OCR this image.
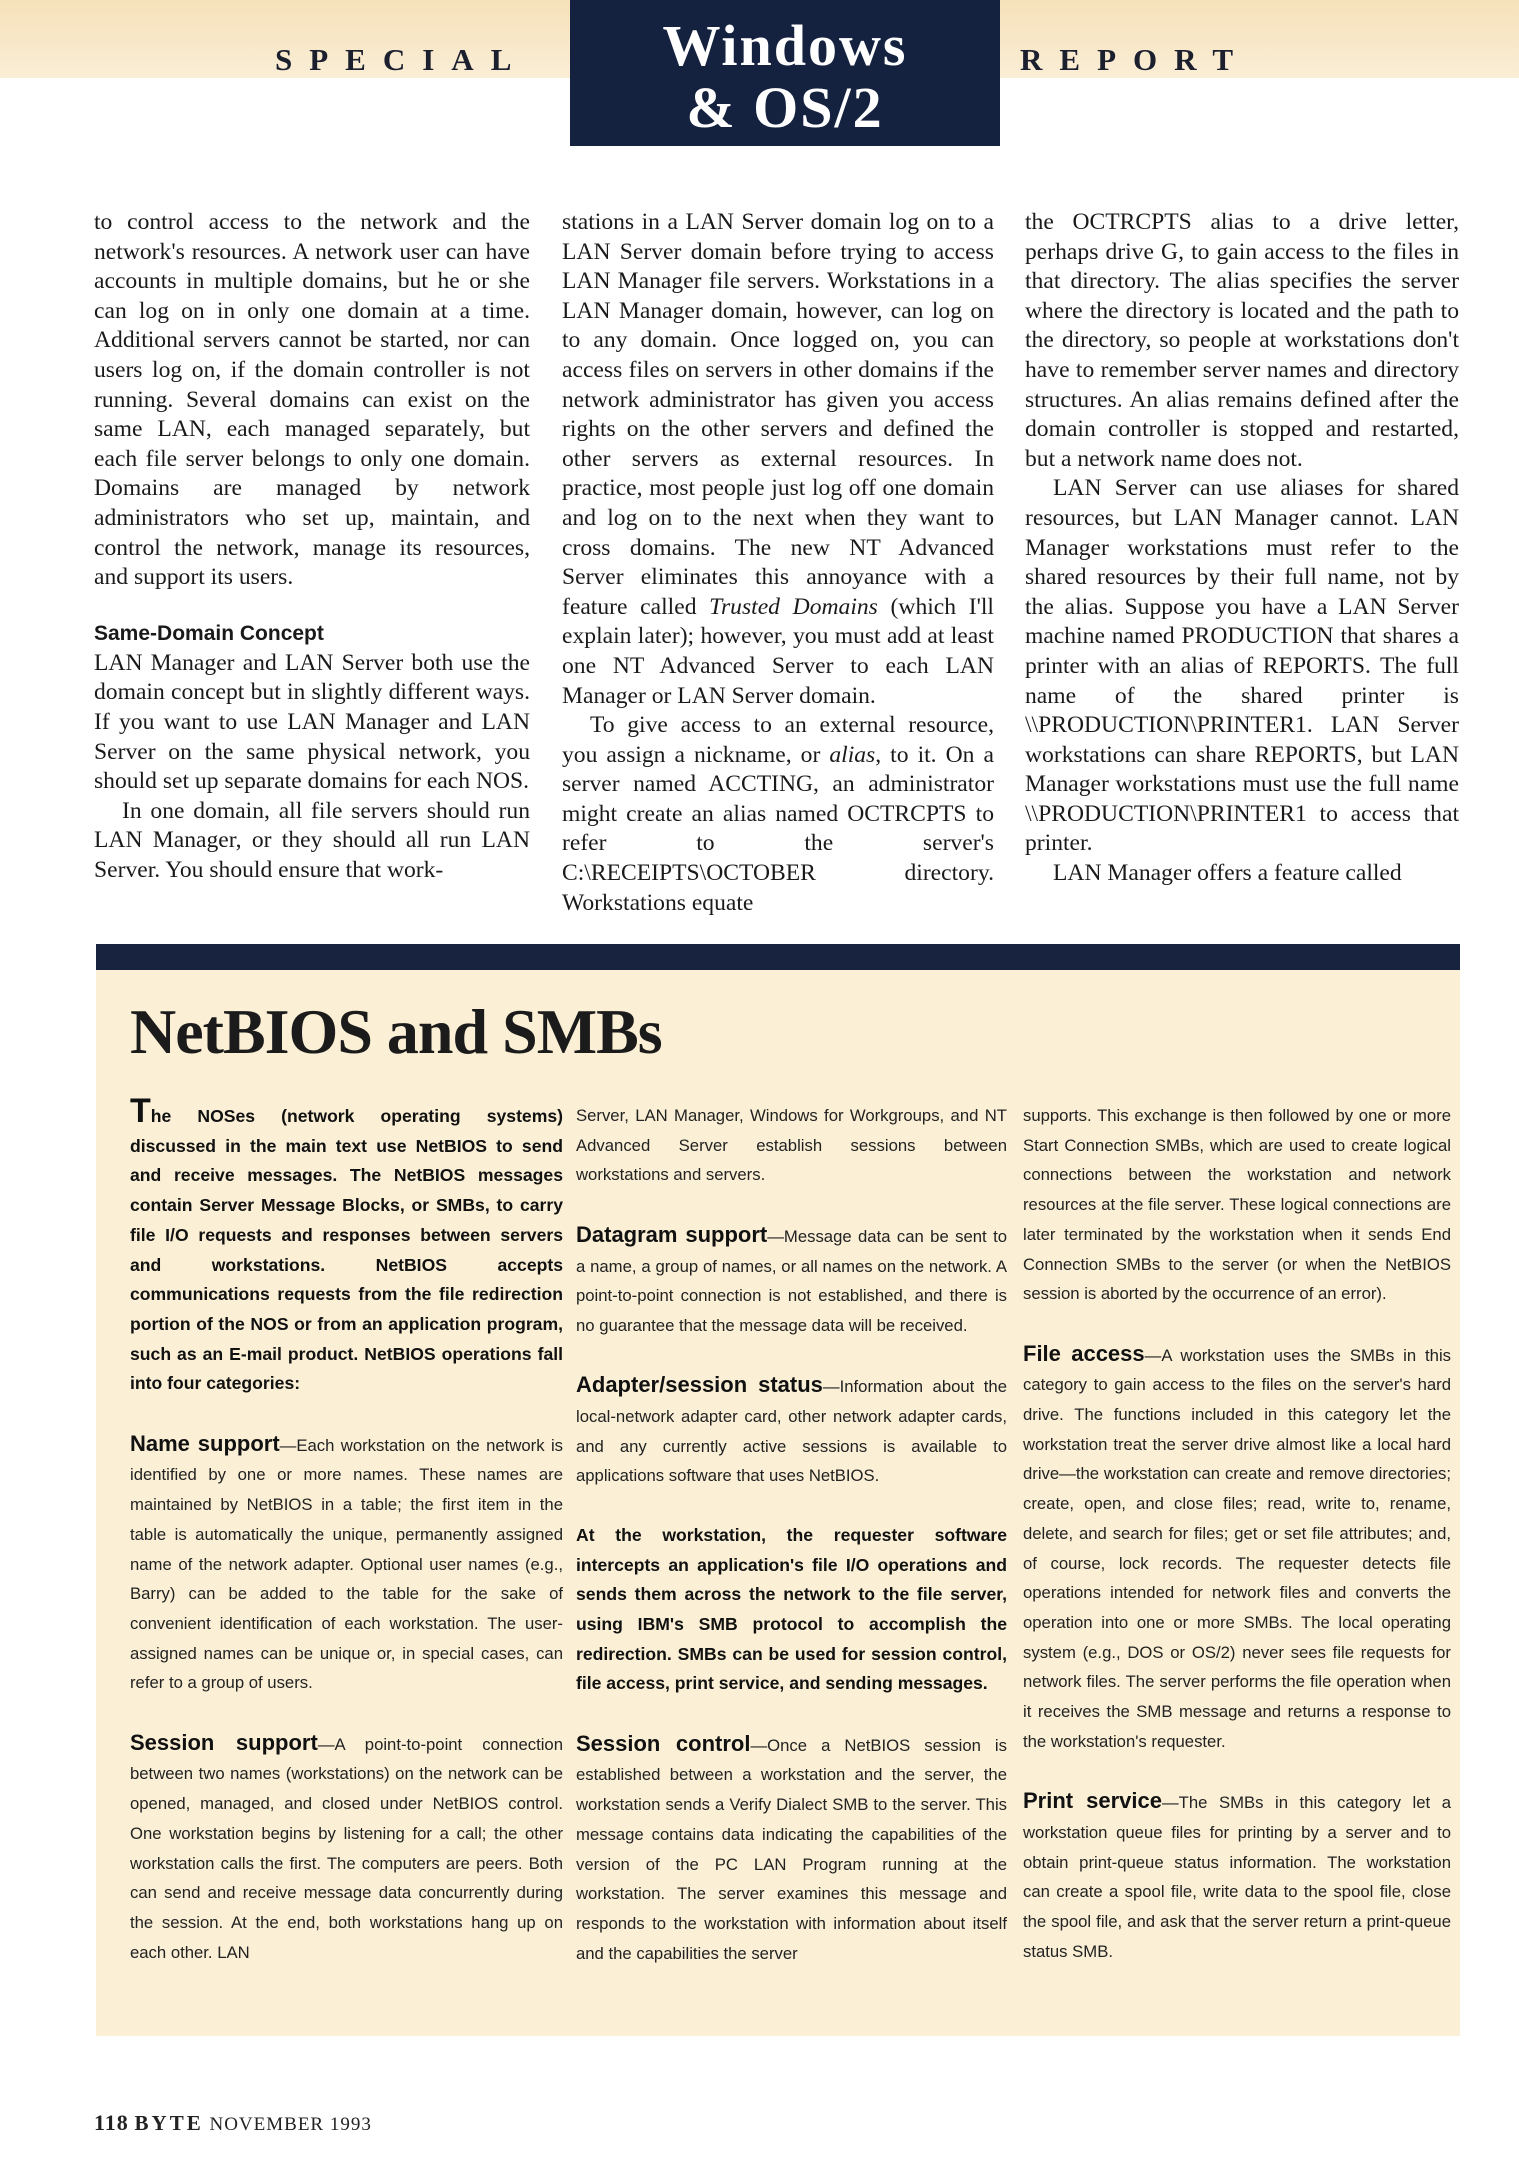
SPECIAL	REPORT
Windows
& OS/2

to control access to the network and the network's resources. A network user can have accounts in multiple domains, but he or she can log on in only one domain at a time. Additional servers cannot be started, nor can users log on, if the domain controller is not running. Several domains can exist on the same LAN, each managed separately, but each file server belongs to only one domain. Domains are managed by network administrators who set up, maintain, and control the network, manage its resources, and support its users.

Same-Domain Concept

LAN Manager and LAN Server both use the domain concept but in slightly different ways. If you want to use LAN Manager and LAN Server on the same physical network, you should set up separate domains for each NOS.

In one domain, all file servers should run LAN Manager, or they should all run LAN Server. You should ensure that work-

stations in a LAN Server domain log on to a LAN Server domain before trying to access LAN Manager file servers. Workstations in a LAN Manager domain, however, can log on to any domain. Once logged on, you can access files on servers in other domains if the network administrator has given you access rights on the other servers and defined the other servers as external resources. In practice, most people just log off one domain and log on to the next when they want to cross domains. The new NT Advanced Server eliminates this annoyance with a feature called Trusted Domains (which I'll explain later); however, you must add at least one NT Advanced Server to each LAN Manager or LAN Server domain.

To give access to an external resource, you assign a nickname, or alias, to it. On a server named ACCTING, an administrator might create an alias named OCTRCPTS to refer to the server's C:\RECEIPTS\OCTOBER directory. Workstations equate

the OCTRCPTS alias to a drive letter, perhaps drive G, to gain access to the files in that directory. The alias specifies the server where the directory is located and the path to the directory, so people at workstations don't have to remember server names and directory structures. An alias remains defined after the domain controller is stopped and restarted, but a network name does not.

LAN Server can use aliases for shared resources, but LAN Manager cannot. LAN Manager workstations must refer to the shared resources by their full name, not by the alias. Suppose you have a LAN Server machine named PRODUCTION that shares a printer with an alias of REPORTS. The full name of the shared printer is \\PRODUCTION\PRINTER1. LAN Server workstations can share REPORTS, but LAN Manager workstations must use the full name \\PRODUCTION\PRINTER1 to access that printer.

LAN Manager offers a feature called

NetBIOS and SMBs

The NOSes (network operating systems) discussed in the main text use NetBIOS to send and receive messages. The NetBIOS messages contain Server Message Blocks, or SMBs, to carry file I/O requests and responses between servers and workstations. NetBIOS accepts communications requests from the file redirection portion of the NOS or from an application program, such as an E-mail product. NetBIOS operations fall into four categories:

Name support—Each workstation on the network is identified by one or more names. These names are maintained by NetBIOS in a table; the first item in the table is automatically the unique, permanently assigned name of the network adapter. Optional user names (e.g., Barry) can be added to the table for the sake of convenient identification of each workstation. The user-assigned names can be unique or, in special cases, can refer to a group of users.

Session support—A point-to-point connection between two names (workstations) on the network can be opened, managed, and closed under NetBIOS control. One workstation begins by listening for a call; the other workstation calls the first. The computers are peers. Both can send and receive message data concurrently during the session. At the end, both workstations hang up on each other. LAN

Server, LAN Manager, Windows for Workgroups, and NT Advanced Server establish sessions between workstations and servers.

Datagram support—Message data can be sent to a name, a group of names, or all names on the network. A point-to-point connection is not established, and there is no guarantee that the message data will be received.

Adapter/session status—Information about the local-network adapter card, other network adapter cards, and any currently active sessions is available to applications software that uses NetBIOS.

At the workstation, the requester software intercepts an application's file I/O operations and sends them across the network to the file server, using IBM's SMB protocol to accomplish the redirection. SMBs can be used for session control, file access, print service, and sending messages.

Session control—Once a NetBIOS session is established between a workstation and the server, the workstation sends a Verify Dialect SMB to the server. This message contains data indicating the capabilities of the version of the PC LAN Program running at the workstation. The server examines this message and responds to the workstation with information about itself and the capabilities the server

supports. This exchange is then followed by one or more Start Connection SMBs, which are used to create logical connections between the workstation and network resources at the file server. These logical connections are later terminated by the workstation when it sends End Connection SMBs to the server (or when the NetBIOS session is aborted by the occurrence of an error).

File access—A workstation uses the SMBs in this category to gain access to the files on the server's hard drive. The functions included in this category let the workstation treat the server drive almost like a local hard drive—the workstation can create and remove directories; create, open, and close files; read, write to, rename, delete, and search for files; get or set file attributes; and, of course, lock records. The requester detects file operations intended for network files and converts the operation into one or more SMBs. The local operating system (e.g., DOS or OS/2) never sees file requests for network files. The server performs the file operation when it receives the SMB message and returns a response to the workstation's requester.

Print service—The SMBs in this category let a workstation queue files for printing by a server and to obtain print-queue status information. The workstation can create a spool file, write data to the spool file, close the spool file, and ask that the server return a print-queue status SMB.

118 BYTE NOVEMBER 1993
